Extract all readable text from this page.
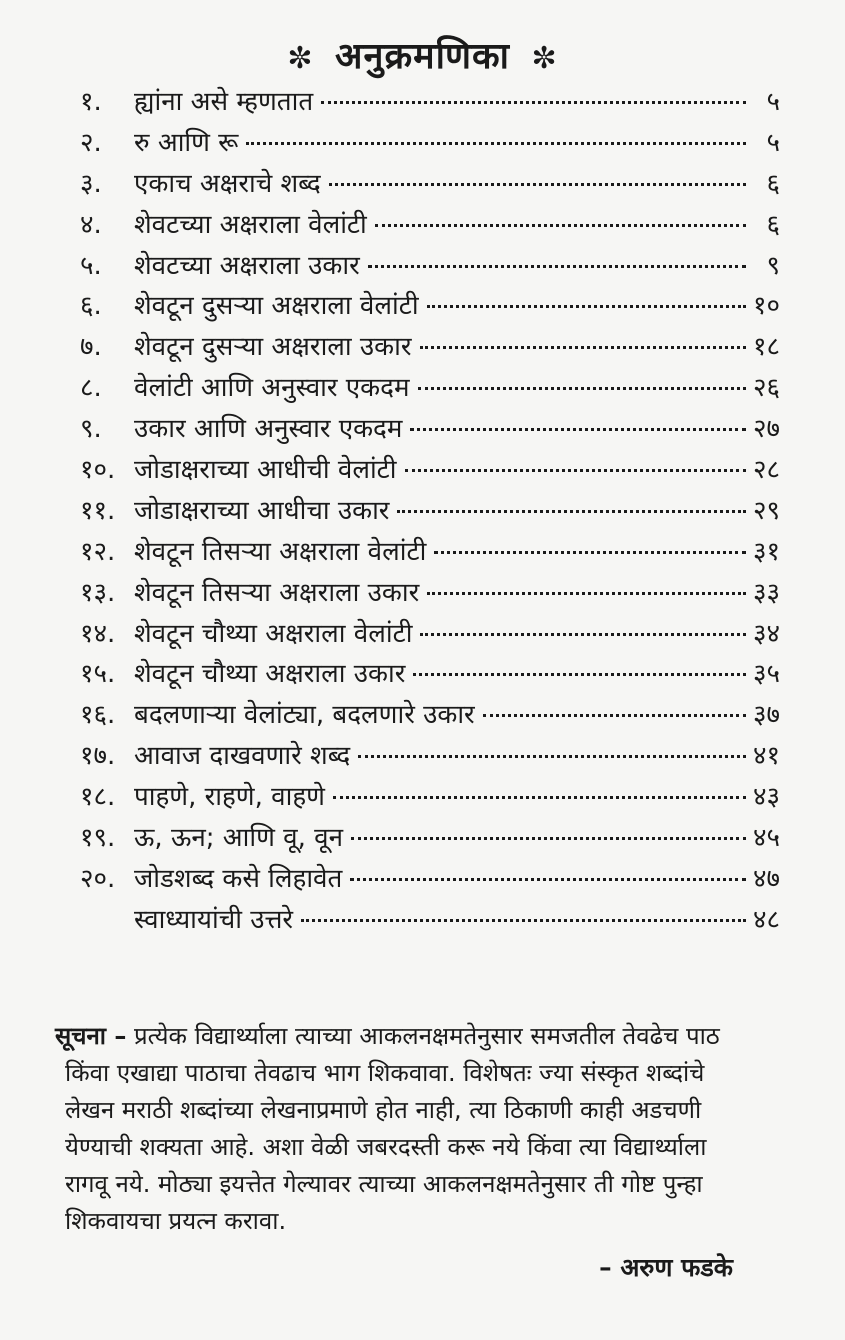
✼ अनुक्रमणिका ✼
१.	ह्यांना असे म्हणतात	५
२.	रु आणि रू	५
३.	एकाच अक्षराचे शब्द	६
४.	शेवटच्या अक्षराला वेलांटी	६
५.	शेवटच्या अक्षराला उकार	९
६.	शेवटून दुसऱ्या अक्षराला वेलांटी	१०
७.	शेवटून दुसऱ्या अक्षराला उकार	१८
८.	वेलांटी आणि अनुस्वार एकदम	२६
९.	उकार आणि अनुस्वार एकदम	२७
१०. जोडाक्षराच्या आधीची वेलांटी	२८
११. जोडाक्षराच्या आधीचा उकार	२९
१२. शेवटून तिसऱ्या अक्षराला वेलांटी	३१
१३. शेवटून तिसऱ्या अक्षराला उकार	३३
१४. शेवटून चौथ्या अक्षराला वेलांटी	३४
१५. शेवटून चौथ्या अक्षराला उकार	३५
१६. बदलणाऱ्या वेलांट्या, बदलणारे उकार	३७
१७. आवाज दाखवणारे शब्द	४१
१८. पाहणे, राहणे, वाहणे	४३
१९. ऊ, ऊन; आणि वू, वून	४५
२०. जोडशब्द कसे लिहावेत	४७
स्वाध्यायांची उत्तरे	४८
सूचना – प्रत्येक विद्यार्थ्याला त्याच्या आकलनक्षमतेनुसार समजतील तेवढेच पाठ
किंवा एखाद्या पाठाचा तेवढाच भाग शिकवावा. विशेषतः ज्या संस्कृत शब्दांचे
लेखन मराठी शब्दांच्या लेखनाप्रमाणे होत नाही, त्या ठिकाणी काही अडचणी
येण्याची शक्यता आहे. अशा वेळी जबरदस्ती करू नये किंवा त्या विद्यार्थ्याला
रागवू नये. मोठ्या इयत्तेत गेल्यावर त्याच्या आकलनक्षमतेनुसार ती गोष्ट पुन्हा
शिकवायचा प्रयत्न करावा.
– अरुण फडके
